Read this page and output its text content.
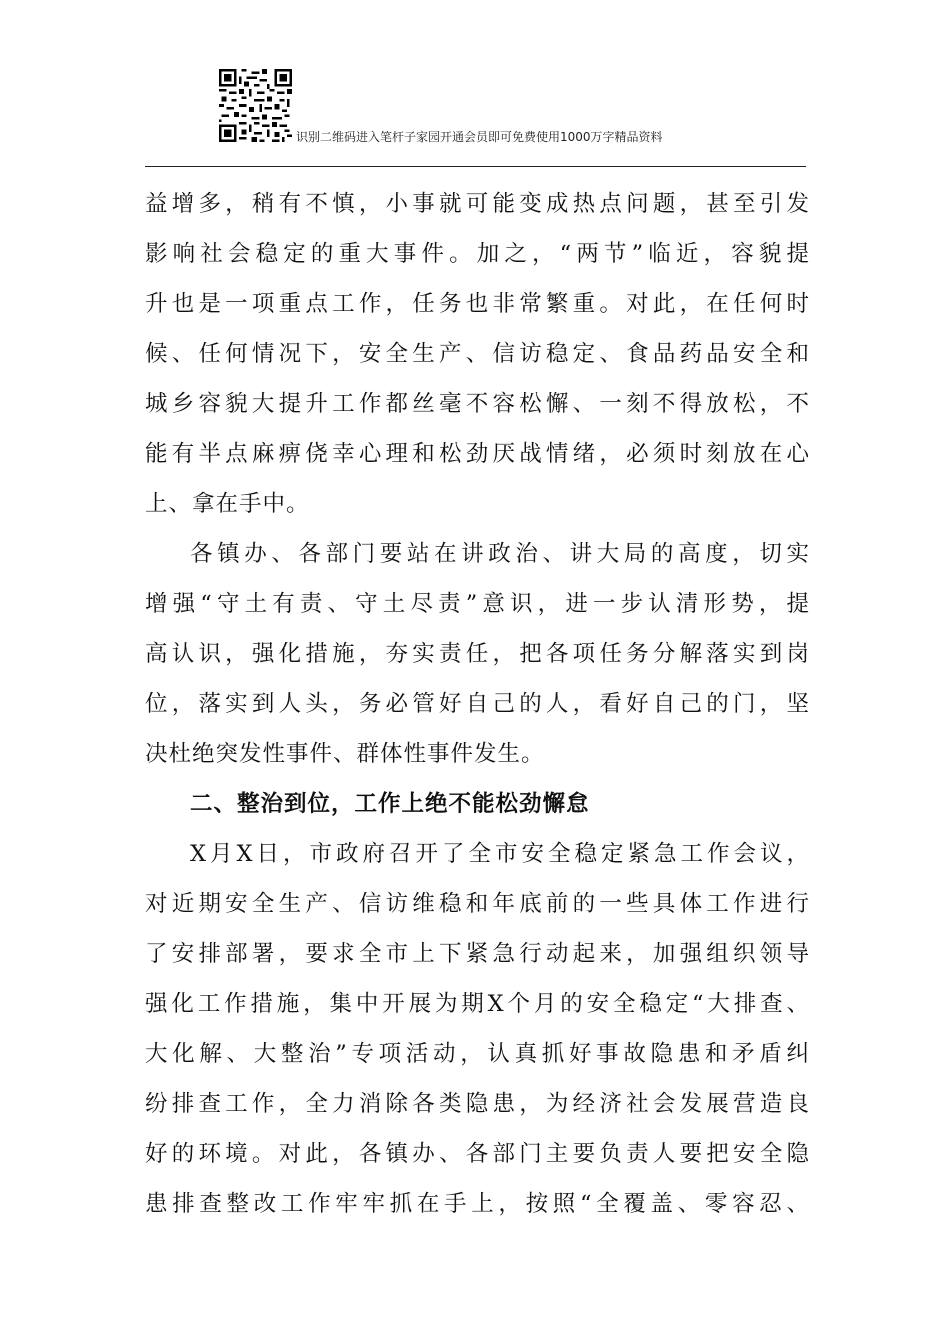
识别二维码进入笔杆子家园开通会员即可免费使用1000万字精品资料
益增多，稍有不慎，小事就可能变成热点问题，甚至引发
影响社会稳定的重大事件。加之，“两节”临近，容貌提
升也是一项重点工作，任务也非常繁重。对此，在任何时
候、任何情况下，安全生产、信访稳定、食品药品安全和
城乡容貌大提升工作都丝毫不容松懈、一刻不得放松，不
能有半点麻痹侥幸心理和松劲厌战情绪，必须时刻放在心
上、拿在手中。
各镇办、各部门要站在讲政治、讲大局的高度，切实
增强“守土有责、守土尽责”意识，进一步认清形势，提
高认识，强化措施，夯实责任，把各项任务分解落实到岗
位，落实到人头，务必管好自己的人，看好自己的门，坚
决杜绝突发性事件、群体性事件发生。
二、整治到位，工作上绝不能松劲懈怠
X月X日，市政府召开了全市安全稳定紧急工作会议，
对近期安全生产、信访维稳和年底前的一些具体工作进行
了安排部署，要求全市上下紧急行动起来，加强组织领导
强化工作措施，集中开展为期X个月的安全稳定“大排查、
大化解、大整治”专项活动，认真抓好事故隐患和矛盾纠
纷排查工作，全力消除各类隐患，为经济社会发展营造良
好的环境。对此，各镇办、各部门主要负责人要把安全隐
患排查整改工作牢牢抓在手上，按照“全覆盖、零容忍、
